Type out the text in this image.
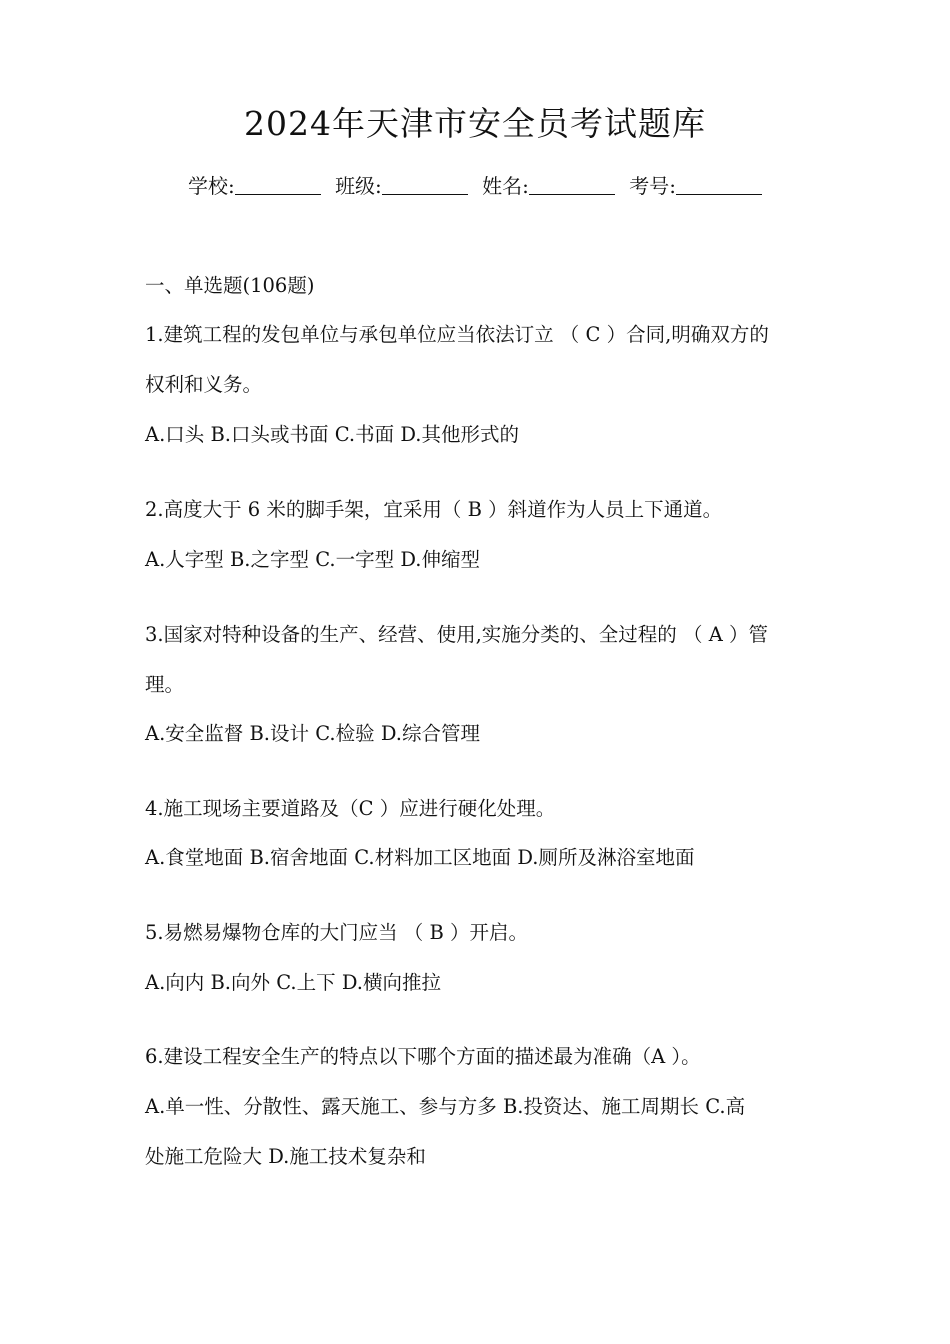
2024年天津市安全员考试题库
学校:	班级:	姓名:	考号:
一、单选题(106题)
1.建筑工程的发包单位与承包单位应当依法订立 （ C ）合同,明确双方的
权利和义务。
A.口头 B.口头或书面 C.书面 D.其他形式的
2.高度大于 6 米的脚手架，宜采用（ B ）斜道作为人员上下通道。
A.人字型 B.之字型 C.一字型 D.伸缩型
3.国家对特种设备的生产、经营、使用,实施分类的、全过程的 （ A ）管
理。
A.安全监督 B.设计 C.检验 D.综合管理
4.施工现场主要道路及（C ）应进行硬化处理。
A.食堂地面 B.宿舍地面 C.材料加工区地面 D.厕所及淋浴室地面
5.易燃易爆物仓库的大门应当 （ B ）开启。
A.向内 B.向外 C.上下 D.横向推拉
6.建设工程安全生产的特点以下哪个方面的描述最为准确（A ）。
A.单一性、分散性、露天施工、参与方多 B.投资达、施工周期长 C.高
处施工危险大 D.施工技术复杂和
